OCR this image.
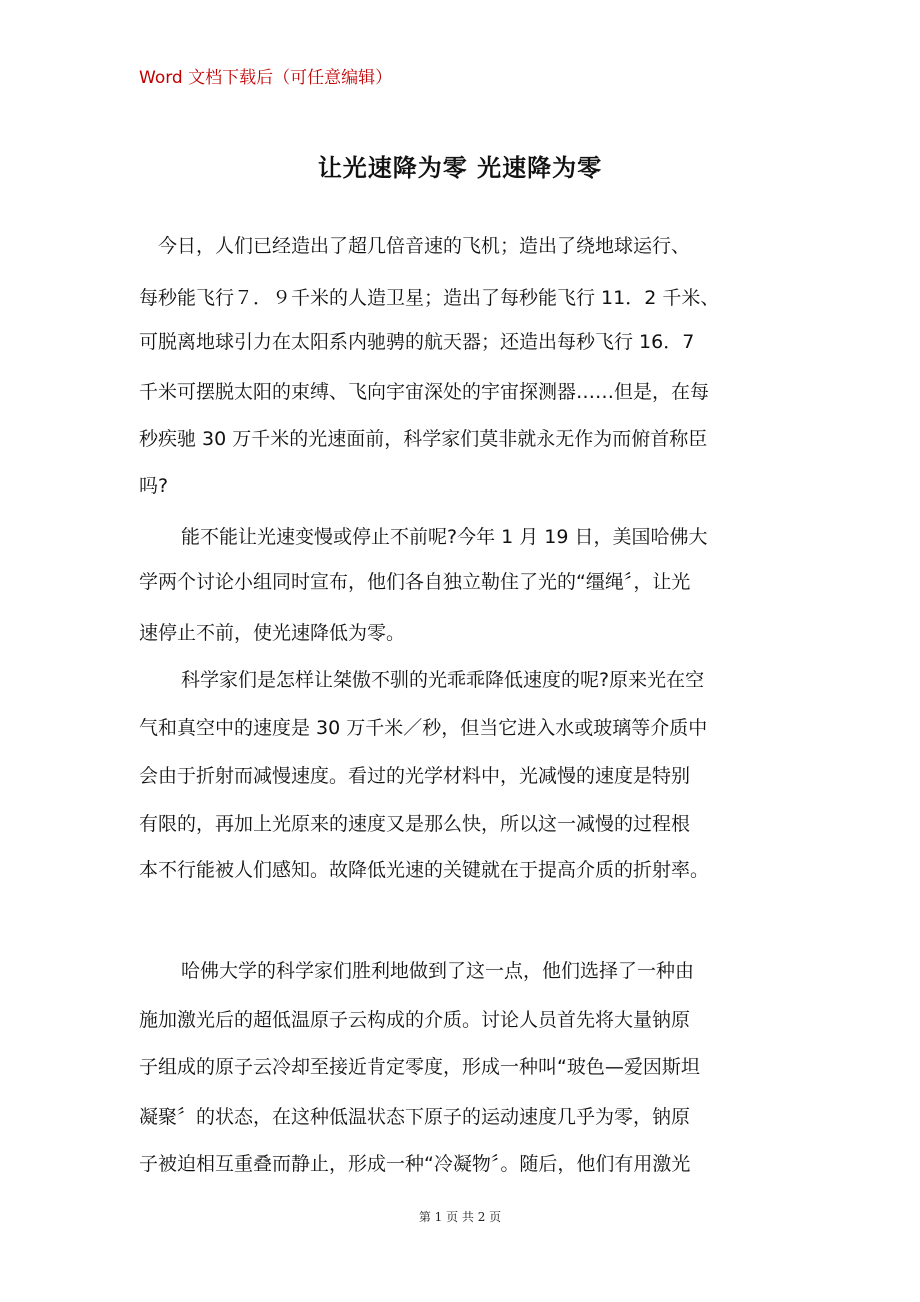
Word 文档下载后（可任意编辑）
让光速降为零 光速降为零
　今日，人们已经造出了超几倍音速的飞机；造出了绕地球运行、
每秒能飞行７．９千米的人造卫星；造出了每秒能飞行 11．2 千米、
可脱离地球引力在太阳系内驰骋的航天器；还造出每秒飞行 16．7
千米可摆脱太阳的束缚、飞向宇宙深处的宇宙探测器……但是，在每
秒疾驰 30 万千米的光速面前，科学家们莫非就永无作为而俯首称臣
吗?
能不能让光速变慢或停止不前呢?今年 1 月 19 日，美国哈佛大
学两个讨论小组同时宣布，他们各自独立勒住了光的“缰绳〞，让光
速停止不前，使光速降低为零。
科学家们是怎样让桀傲不驯的光乖乖降低速度的呢?原来光在空
气和真空中的速度是 30 万千米／秒，但当它进入水或玻璃等介质中
会由于折射而减慢速度。看过的光学材料中，光减慢的速度是特别
有限的，再加上光原来的速度又是那么快，所以这一减慢的过程根
本不行能被人们感知。故降低光速的关键就在于提高介质的折射率。
哈佛大学的科学家们胜利地做到了这一点，他们选择了一种由
施加激光后的超低温原子云构成的介质。讨论人员首先将大量钠原
子组成的原子云冷却至接近肯定零度，形成一种叫“玻色—爱因斯坦
凝聚〞的状态，在这种低温状态下原子的运动速度几乎为零，钠原
子被迫相互重叠而静止，形成一种“冷凝物〞。随后，他们有用激光
第 1 页 共 2 页
